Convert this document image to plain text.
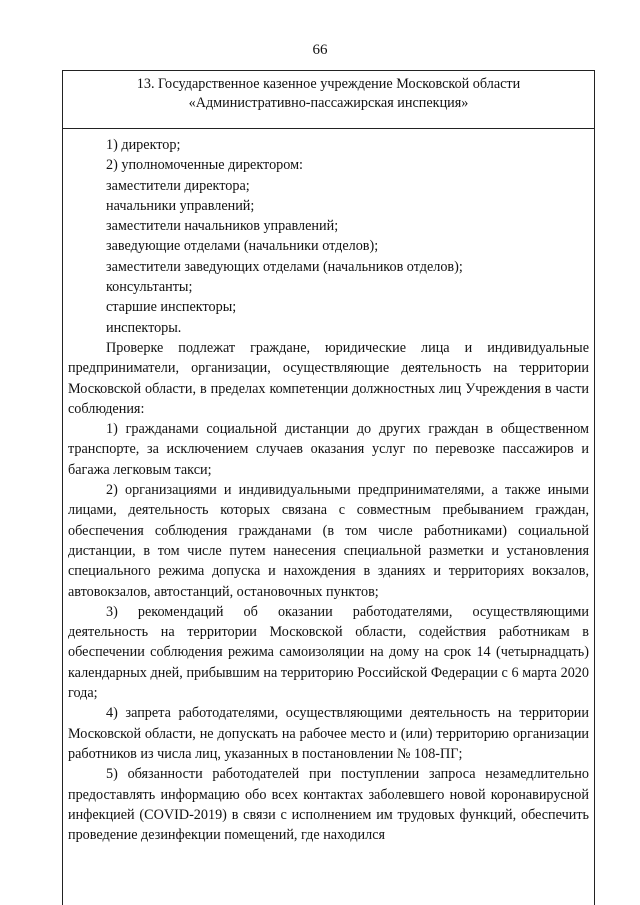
66
13. Государственное казенное учреждение Московской области
«Административно-пассажирская инспекция»

1) директор;

2) уполномоченные директором:

заместители директора;

начальники управлений;

заместители начальников управлений;

заведующие отделами (начальники отделов);

заместители заведующих отделами (начальников отделов);

консультанты;

старшие инспекторы;

инспекторы.

Проверке подлежат граждане, юридические лица и индивидуальные предприниматели, организации, осуществляющие деятельность на территории Московской области, в пределах компетенции должностных лиц Учреждения в части соблюдения:

1) гражданами социальной дистанции до других граждан в общественном транспорте, за исключением случаев оказания услуг по перевозке пассажиров и багажа легковым такси;

2) организациями и индивидуальными предпринимателями, а также иными лицами, деятельность которых связана с совместным пребыванием граждан, обеспечения соблюдения гражданами (в том числе работниками) социальной дистанции, в том числе путем нанесения специальной разметки и установления специального режима допуска и нахождения в зданиях и территориях вокзалов, автовокзалов, автостанций, остановочных пунктов;

3) рекомендаций об оказании работодателями, осуществляющими деятельность на территории Московской области, содействия работникам в обеспечении соблюдения режима самоизоляции на дому на срок 14 (четырнадцать) календарных дней, прибывшим на территорию Российской Федерации с 6 марта 2020 года;

4) запрета работодателями, осуществляющими деятельность на территории Московской области, не допускать на рабочее место и (или) территорию организации работников из числа лиц, указанных в постановлении № 108-ПГ;

5) обязанности работодателей при поступлении запроса незамедлительно предоставлять информацию обо всех контактах заболевшего новой коронавирусной инфекцией (COVID-2019) в связи с исполнением им трудовых функций, обеспечить проведение дезинфекции помещений, где находился
